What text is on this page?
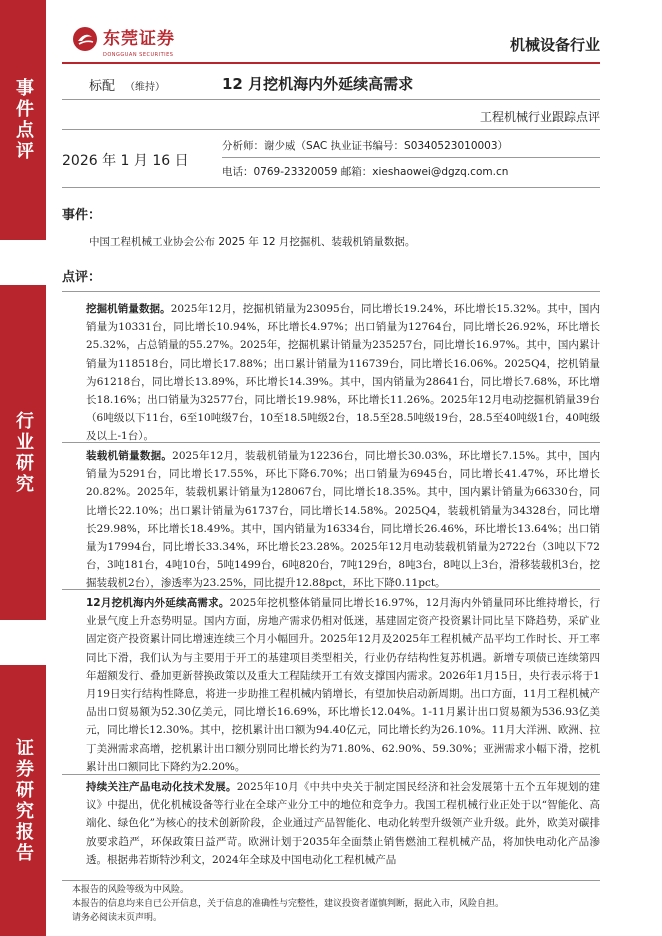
事件点评
行业研究
证券研究报告
东莞证券
DONGGUAN SECURITIES
机械设备行业
标配 （维持）	12 月挖机海内外延续高需求
工程机械行业跟踪点评
2026 年 1 月 16 日
分析师：谢少威（SAC 执业证书编号：S0340523010003）
电话：0769-23320059 邮箱：xieshaowei@dgzq.com.cn
事件：
中国工程机械工业协会公布 2025 年 12 月挖掘机、装载机销量数据。
点评：
挖掘机销量数据。2025年12月，挖掘机销量为23095台，同比增长19.24%，环比增长15.32%。其中，国内销量为10331台，同比增长10.94%，环比增长4.97%；出口销量为12764台，同比增长26.92%，环比增长25.32%，占总销量的55.27%。2025年，挖掘机累计销量为235257台，同比增长16.97%。其中，国内累计销量为118518台，同比增长17.88%；出口累计销量为116739台，同比增长16.06%。2025Q4，挖机销量为61218台，同比增长13.89%，环比增长14.39%。其中，国内销量为28641台，同比增长7.68%，环比增长18.16%；出口销量为32577台，同比增长19.98%，环比增长11.26%。2025年12月电动挖掘机销量39台（6吨级以下11台，6至10吨级7台，10至18.5吨级2台，18.5至28.5吨级19台，28.5至40吨级1台，40吨级及以上-1台）。
装载机销量数据。2025年12月，装载机销量为12236台，同比增长30.03%，环比增长7.15%。其中，国内销量为5291台，同比增长17.55%，环比下降6.70%；出口销量为6945台，同比增长41.47%，环比增长20.82%。2025年，装载机累计销量为128067台，同比增长18.35%。其中，国内累计销量为66330台，同比增长22.10%；出口累计销量为61737台，同比增长14.58%。2025Q4，装载机销量为34328台，同比增长29.98%，环比增长18.49%。其中，国内销量为16334台，同比增长26.46%，环比增长13.64%；出口销量为17994台，同比增长33.34%，环比增长23.28%。2025年12月电动装载机销量为2722台（3吨以下72台，3吨181台，4吨10台，5吨1499台，6吨820台，7吨129台，8吨3台，8吨以上3台，滑移装载机3台，挖掘装载机2台），渗透率为23.25%，同比提升12.88pct，环比下降0.11pct。
12月挖机海内外延续高需求。2025年挖机整体销量同比增长16.97%，12月海内外销量同环比维持增长，行业景气度上升态势明显。国内方面，房地产需求仍相对低迷，基建固定资产投资累计同比呈下降趋势，采矿业固定资产投资累计同比增速连续三个月小幅回升。2025年12月及2025年工程机械产品平均工作时长、开工率同比下滑，我们认为与主要用于开工的基建项目类型相关，行业仍存结构性复苏机遇。新增专项债已连续第四年超额发行、叠加更新替换政策以及重大工程陆续开工有效支撑国内需求。2026年1月15日，央行表示将于1月19日实行结构性降息，将进一步助推工程机械内销增长，有望加快启动新周期。出口方面，11月工程机械产品出口贸易额为52.30亿美元，同比增长16.69%，环比增长12.04%。1-11月累计出口贸易额为536.93亿美元，同比增长12.30%。其中，挖机累计出口额为94.40亿元，同比增长约为26.10%。11月大洋洲、欧洲、拉丁美洲需求高增，挖机累计出口额分别同比增长约为71.80%、62.90%、59.30%；亚洲需求小幅下滑，挖机累计出口额同比下降约为2.20%。
持续关注产品电动化技术发展。2025年10月《中共中央关于制定国民经济和社会发展第十五个五年规划的建议》中提出，优化机械设备等行业在全球产业分工中的地位和竞争力。我国工程机械行业正处于以“智能化、高端化、绿色化”为核心的技术创新阶段，企业通过产品智能化、电动化转型升级领产业升级。此外，欧美对碳排放要求趋严，环保政策日益严苛。欧洲计划于2035年全面禁止销售燃油工程机械产品，将加快电动化产品渗透。根据弗若斯特沙利文，2024年全球及中国电动化工程机械产品
本报告的风险等级为中风险。
本报告的信息均来自已公开信息，关于信息的准确性与完整性，建议投资者谨慎判断，据此入市，风险自担。
请务必阅读末页声明。
